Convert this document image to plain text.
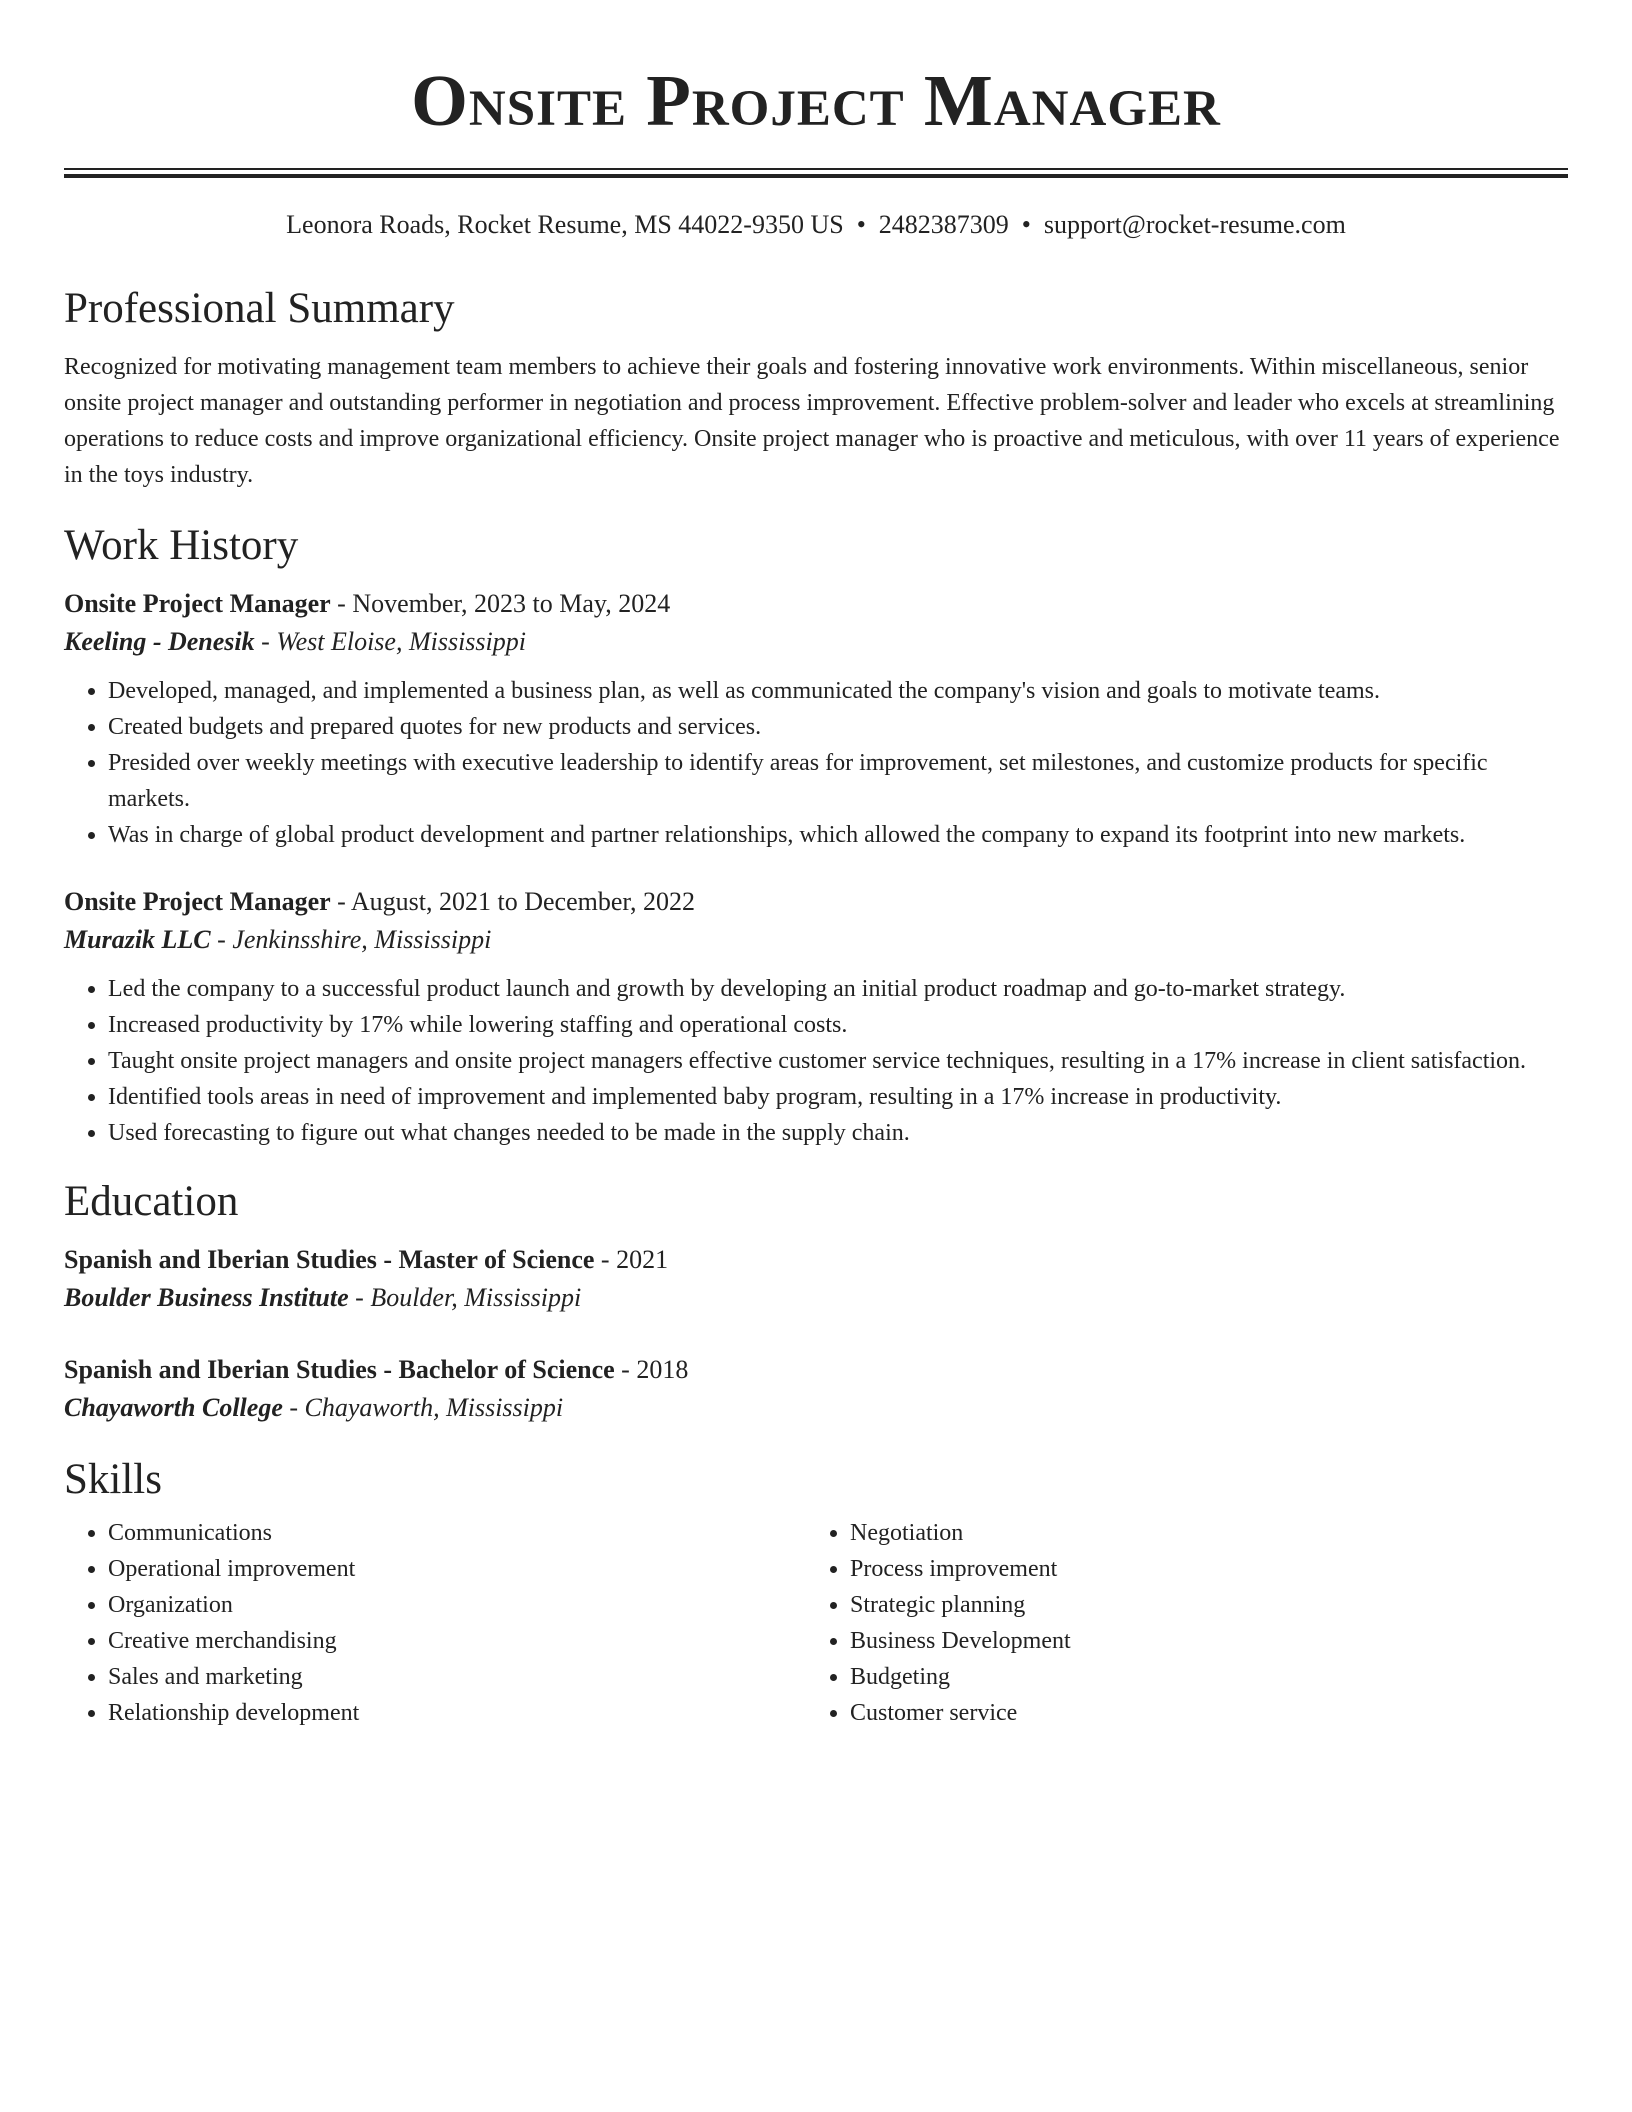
Onsite Project Manager
Leonora Roads, Rocket Resume, MS 44022-9350 US • 2482387309 • support@rocket-resume.com
Professional Summary

Recognized for motivating management team members to achieve their goals and fostering innovative work environments. Within miscellaneous, senior onsite project manager and outstanding performer in negotiation and process improvement. Effective problem-solver and leader who excels at streamlining operations to reduce costs and improve organizational efficiency. Onsite project manager who is proactive and meticulous, with over 11 years of experience in the toys industry.

Work History
Onsite Project Manager - November, 2023 to May, 2024
Keeling - Denesik - West Eloise, Mississippi
• Developed, managed, and implemented a business plan, as well as communicated the company's vision and goals to motivate teams.
• Created budgets and prepared quotes for new products and services.
• Presided over weekly meetings with executive leadership to identify areas for improvement, set milestones, and customize products for specific markets.
• Was in charge of global product development and partner relationships, which allowed the company to expand its footprint into new markets.
Onsite Project Manager - August, 2021 to December, 2022
Murazik LLC - Jenkinsshire, Mississippi
• Led the company to a successful product launch and growth by developing an initial product roadmap and go-to-market strategy.
• Increased productivity by 17% while lowering staffing and operational costs.
• Taught onsite project managers and onsite project managers effective customer service techniques, resulting in a 17% increase in client satisfaction.
• Identified tools areas in need of improvement and implemented baby program, resulting in a 17% increase in productivity.
• Used forecasting to figure out what changes needed to be made in the supply chain.
Education
Spanish and Iberian Studies - Master of Science - 2021
Boulder Business Institute - Boulder, Mississippi
Spanish and Iberian Studies - Bachelor of Science - 2018
Chayaworth College - Chayaworth, Mississippi
Skills
• Communications
• Operational improvement
• Organization
• Creative merchandising
• Sales and marketing
• Relationship development
• Negotiation
• Process improvement
• Strategic planning
• Business Development
• Budgeting
• Customer service
